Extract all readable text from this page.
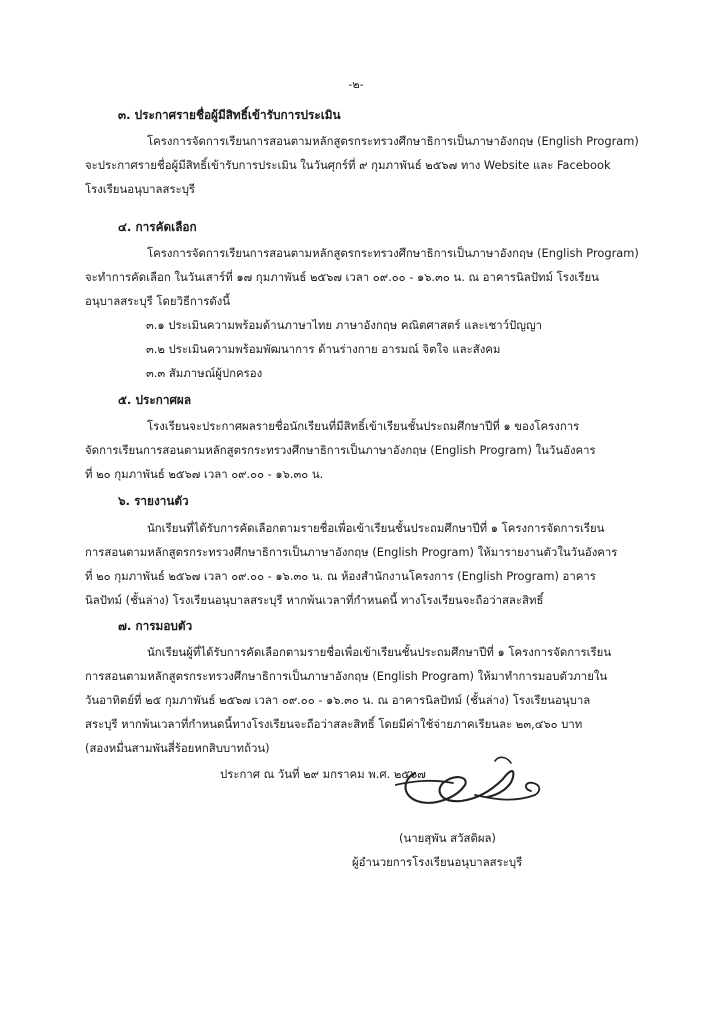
-๒-
๓. ประกาศรายชื่อผู้มีสิทธิ์เข้ารับการประเมิน
โครงการจัดการเรียนการสอนตามหลักสูตรกระทรวงศึกษาธิการเป็นภาษาอังกฤษ (English Program)
จะประกาศรายชื่อผู้มีสิทธิ์เข้ารับการประเมิน ในวันศุกร์ที่ ๙ กุมภาพันธ์ ๒๕๖๗ ทาง Website และ Facebook
โรงเรียนอนุบาลสระบุรี
๔. การคัดเลือก
โครงการจัดการเรียนการสอนตามหลักสูตรกระทรวงศึกษาธิการเป็นภาษาอังกฤษ (English Program)
จะทำการคัดเลือก ในวันเสาร์ที่ ๑๗ กุมภาพันธ์ ๒๕๖๗ เวลา ๐๙.๐๐ - ๑๖.๓๐ น. ณ อาคารนิลปัทม์ โรงเรียน
อนุบาลสระบุรี โดยวิธีการดังนี้
๓.๑ ประเมินความพร้อมด้านภาษาไทย ภาษาอังกฤษ คณิตศาสตร์ และเชาว์ปัญญา
๓.๒ ประเมินความพร้อมพัฒนาการ ด้านร่างกาย อารมณ์ จิตใจ และสังคม
๓.๓ สัมภาษณ์ผู้ปกครอง
๕. ประกาศผล
โรงเรียนจะประกาศผลรายชื่อนักเรียนที่มีสิทธิ์เข้าเรียนชั้นประถมศึกษาปีที่ ๑ ของโครงการ
จัดการเรียนการสอนตามหลักสูตรกระทรวงศึกษาธิการเป็นภาษาอังกฤษ (English Program) ในวันอังคาร
ที่ ๒๐ กุมภาพันธ์ ๒๕๖๗ เวลา ๐๙.๐๐ - ๑๖.๓๐ น.
๖. รายงานตัว
นักเรียนที่ได้รับการคัดเลือกตามรายชื่อเพื่อเข้าเรียนชั้นประถมศึกษาปีที่ ๑ โครงการจัดการเรียน
การสอนตามหลักสูตรกระทรวงศึกษาธิการเป็นภาษาอังกฤษ (English Program) ให้มารายงานตัวในวันอังคาร
ที่ ๒๐ กุมภาพันธ์ ๒๕๖๗ เวลา ๐๙.๐๐ - ๑๖.๓๐ น. ณ ห้องสำนักงานโครงการ (English Program) อาคาร
นิลปัทม์ (ชั้นล่าง) โรงเรียนอนุบาลสระบุรี หากพ้นเวลาที่กำหนดนี้ ทางโรงเรียนจะถือว่าสละสิทธิ์
๗. การมอบตัว
นักเรียนผู้ที่ได้รับการคัดเลือกตามรายชื่อเพื่อเข้าเรียนชั้นประถมศึกษาปีที่ ๑ โครงการจัดการเรียน
การสอนตามหลักสูตรกระทรวงศึกษาธิการเป็นภาษาอังกฤษ (English Program) ให้มาทำการมอบตัวภายใน
วันอาทิตย์ที่ ๒๕ กุมภาพันธ์ ๒๕๖๗ เวลา ๐๙.๐๐ - ๑๖.๓๐ น. ณ อาคารนิลปัทม์ (ชั้นล่าง) โรงเรียนอนุบาล
สระบุรี หากพ้นเวลาที่กำหนดนี้ทางโรงเรียนจะถือว่าสละสิทธิ์ โดยมีค่าใช้จ่ายภาคเรียนละ ๒๓,๔๖๐ บาท
(สองหมื่นสามพันสี่ร้อยหกสิบบาทถ้วน)
ประกาศ ณ วันที่ ๒๙ มกราคม พ.ศ. ๒๕๖๗
(นายสุพัน สวัสดิผล)
ผู้อำนวยการโรงเรียนอนุบาลสระบุรี
